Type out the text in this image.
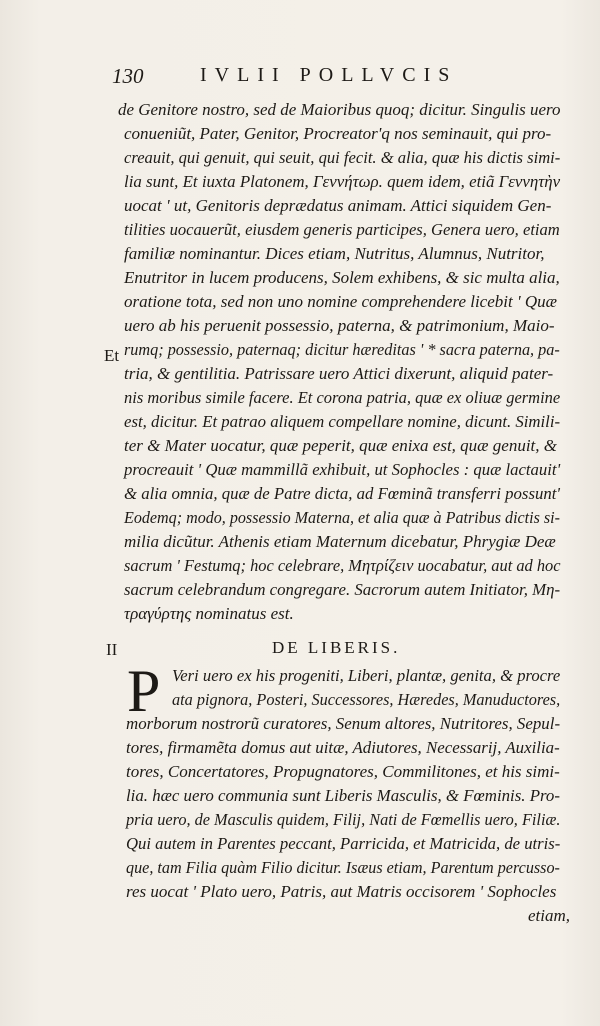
130	IVLII POLLVCIS
Et
II
de Genitore nostro, sed de Maioribus quoq; dicitur. Singulis uero
conueniũt, Pater, Genitor, Procreator'q nos seminauit, qui pro-
creauit, qui genuit, qui seuit, qui fecit. & alia, quæ his dictis simi-
lia sunt, Et iuxta Platonem, Γεννήτωρ. quem idem, etiã Γεννητὴν
uocat ' ut, Genitoris deprædatus animam. Attici siquidem Gen-
tilities uocauerũt, eiusdem generis participes, Genera uero, etiam
familiæ nominantur. Dices etiam, Nutritus, Alumnus, Nutritor,
Enutritor in lucem producens, Solem exhibens, & sic multa alia,
oratione tota, sed non uno nomine comprehendere licebit ' Quæ
uero ab his peruenit possessio, paterna, & patrimonium, Maio-
rumq; possessio, paternaq; dicitur hæreditas ' * sacra paterna, pa-
tria, & gentilitia. Patrissare uero Attici dixerunt, aliquid pater-
nis moribus simile facere. Et corona patria, quæ ex oliuæ germine
est, dicitur. Et patrao aliquem compellare nomine, dicunt. Simili-
ter & Mater uocatur, quæ peperit, quæ enixa est, quæ genuit, &
procreauit ' Quæ mammillã exhibuit, ut Sophocles : quæ lactauit'
& alia omnia, quæ de Patre dicta, ad Fœminã transferri possunt'
Eodemq; modo, possessio Materna, et alia quæ à Patribus dictis si-
milia dicũtur. Athenis etiam Maternum dicebatur, Phrygiæ Deæ
sacrum ' Festumq; hoc celebrare, Μητρίζειν uocabatur, aut ad hoc
sacrum celebrandum congregare. Sacrorum autem Initiator, Μη-
τραγύρτης nominatus est.
DE LIBERIS.
P Veri uero ex his progeniti, Liberi, plantæ, genita, & procre
ata pignora, Posteri, Successores, Hæredes, Manuductores,
morborum nostrorũ curatores, Senum altores, Nutritores, Sepul-
tores, firmamẽta domus aut uitæ, Adiutores, Necessarij, Auxilia-
tores, Concertatores, Propugnatores, Commilitones, et his simi-
lia. hæc uero communia sunt Liberis Masculis, & Fœminis. Pro-
pria uero, de Masculis quidem, Filij, Nati de Fœmellis uero, Filiæ.
Qui autem in Parentes peccant, Parricida, et Matricida, de utris-
que, tam Filia quàm Filio dicitur. Isæus etiam, Parentum percusso-
res uocat ' Plato uero, Patris, aut Matris occisorem ' Sophocles
etiam,
